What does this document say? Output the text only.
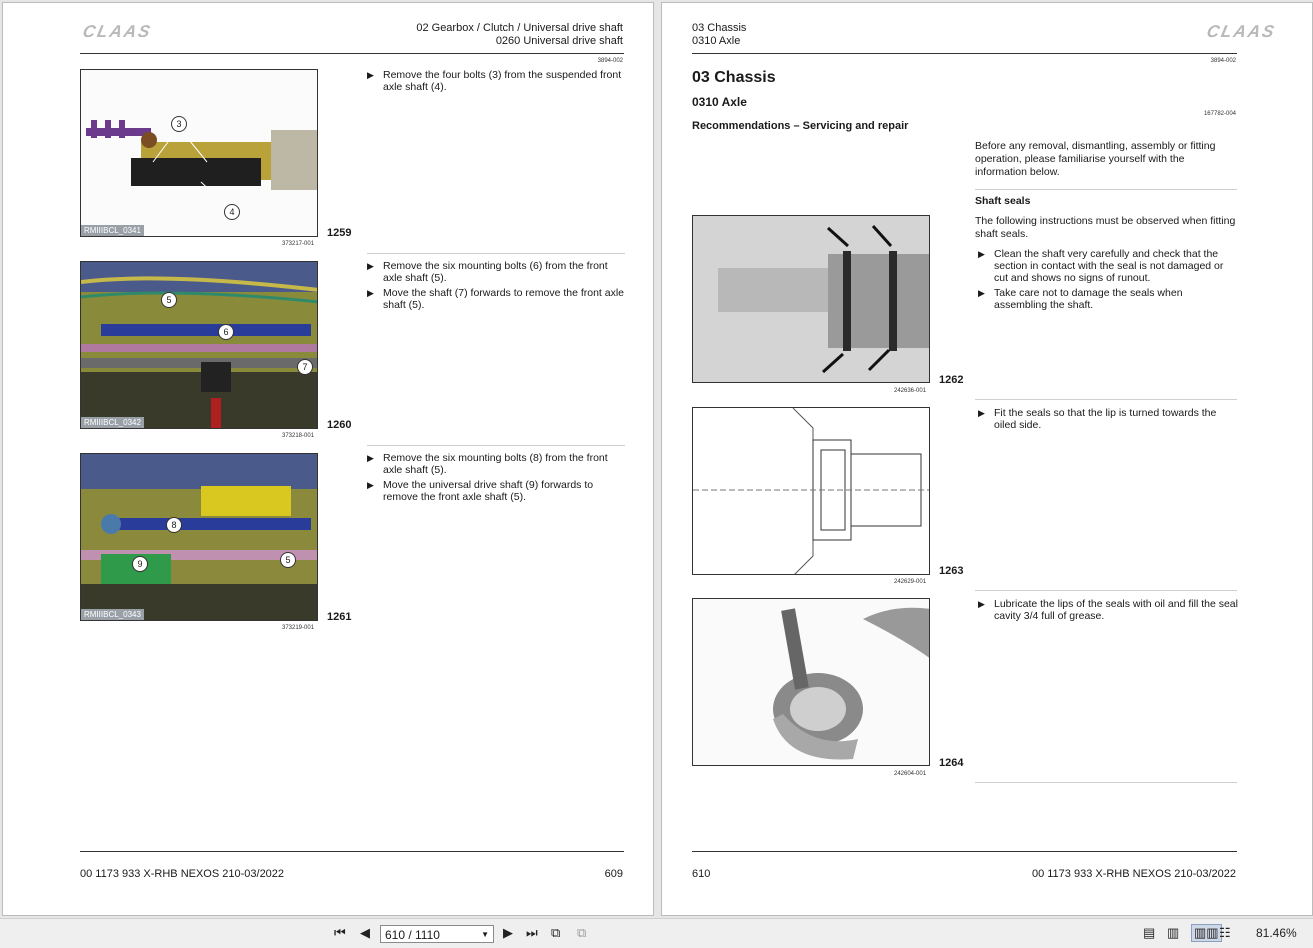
CLAAS	02 Gearbox / Clutch / Universal drive shaft
0260 Universal drive shaft
3894-002
3
4
RMIIIBCL_0341	1259
373217-001
▶ Remove the four bolts (3) from the suspended front axle shaft (4).
5
6
7
RMIIIBCL_0342	1260
373218-001
▶ Remove the six mounting bolts (6) from the front axle shaft (5).
▶ Move the shaft (7) forwards to remove the front axle shaft (5).
8
5
9
RMIIIBCL_0343	1261
373219-001
▶ Remove the six mounting bolts (8) from the front axle shaft (5).
▶ Move the universal drive shaft (9) forwards to remove the front axle shaft (5).
00 1173 933 X-RHB NEXOS 210-03/2022	609
03 Chassis
0310 Axle	CLAAS
3894-002
03 Chassis
0310 Axle
167782-004
Recommendations – Servicing and repair
Before any removal, dismantling, assembly or fitting operation, please familiarise yourself with the information below.
Shaft seals
The following instructions must be observed when fitting shaft seals.
▶ Clean the shaft very carefully and check that the section in contact with the seal is not damaged or cut and shows no signs of runout.
▶ Take care not to damage the seals when assembling the shaft.
1262
242636-001
▶ Fit the seals so that the lip is turned towards the oiled side.
1263
242629-001
▶ Lubricate the lips of the seals with oil and fill the seal cavity 3/4 full of grease.
1264
242604-001
610	00 1173 933 X-RHB NEXOS 210-03/2022
⏮ ◀	610 / 1110	▼ ▶ ⏭ ⧉ ⧉	▤ ▥ ▥▥ ☷ 81.46%
